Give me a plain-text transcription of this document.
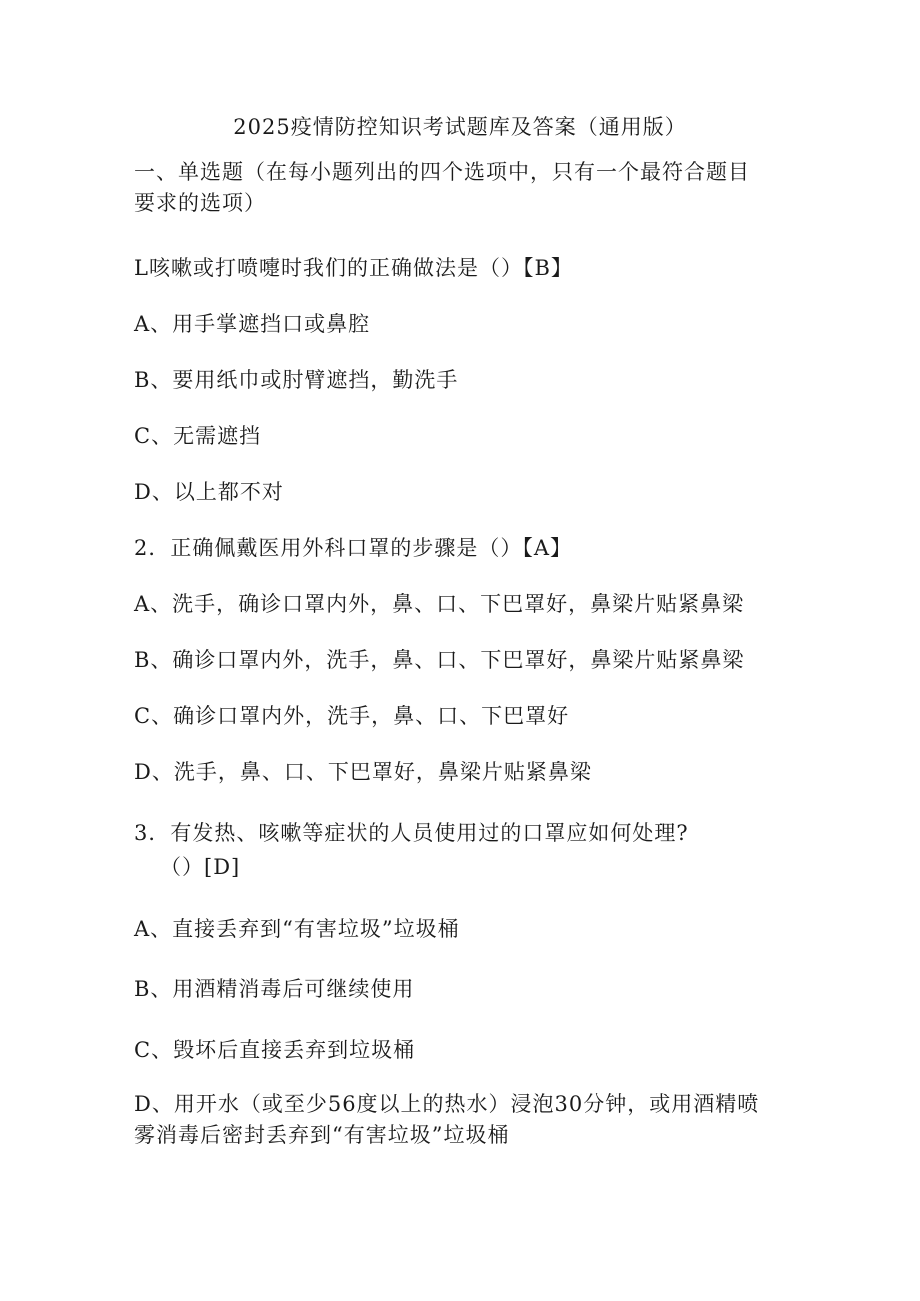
2025疫情防控知识考试题库及答案（通用版）
一、单选题（在每小题列出的四个选项中，只有一个最符合题目
要求的选项）
L咳嗽或打喷嚏时我们的正确做法是（）【B】
A、用手掌遮挡口或鼻腔
B、要用纸巾或肘臂遮挡，勤洗手
C、无需遮挡
D、以上都不对
2．正确佩戴医用外科口罩的步骤是（）【A】
A、洗手，确诊口罩内外，鼻、口、下巴罩好，鼻梁片贴紧鼻梁
B、确诊口罩内外，洗手，鼻、口、下巴罩好，鼻梁片贴紧鼻梁
C、确诊口罩内外，洗手，鼻、口、下巴罩好
D、洗手，鼻、口、下巴罩好，鼻梁片贴紧鼻梁
3．有发热、咳嗽等症状的人员使用过的口罩应如何处理?
（）[D]
A、直接丢弃到“有害垃圾”垃圾桶
B、用酒精消毒后可继续使用
C、毁坏后直接丢弃到垃圾桶
D、用开水（或至少56度以上的热水）浸泡30分钟，或用酒精喷
雾消毒后密封丢弃到“有害垃圾”垃圾桶
